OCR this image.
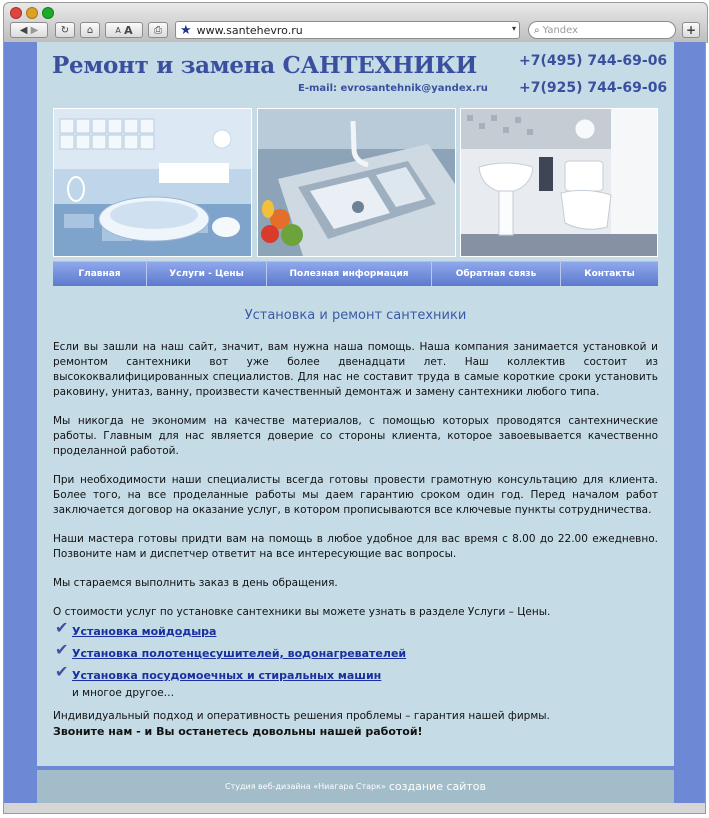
◀
▶ ↻ ⌂	A
A ⎙ ★ www.santehevro.ru	▾ ⌕ Yandex	+
Ремонт и замена САНТЕХНИКИ
E-mail: evrosantehnik@yandex.ru
+7(495) 744-69-06
+7(925) 744-69-06
Главная	Услуги - Цены	Полезная информация	Обратная связь	Контакты
Установка и ремонт сантехники

Если вы зашли на наш сайт, значит, вам нужна наша помощь. Наша компания занимается установкой и ремонтом сантехники вот уже более двенадцати лет. Наш коллектив состоит из высококвалифицированных специалистов. Для нас не составит труда в самые короткие сроки установить раковину, унитаз, ванну, произвести качественный демонтаж и замену сантехники любого типа.

Мы никогда не экономим на качестве материалов, с помощью которых проводятся сантехнические работы. Главным для нас является доверие со стороны клиента, которое завоевывается качественно проделанной работой.

При необходимости наши специалисты всегда готовы провести грамотную консультацию для клиента. Более того, на все проделанные работы мы даем гарантию сроком один год. Перед началом работ заключается договор на оказание услуг, в котором прописываются все ключевые пункты сотрудничества.

Наши мастера готовы придти вам на помощь в любое удобное для вас время с 8.00 до 22.00 ежедневно. Позвоните нам и диспетчер ответит на все интересующие вас вопросы.

Мы стараемся выполнить заказ в день обращения.

О стоимости услуг по установке сантехники вы можете узнать в разделе Услуги – Цены.

✔ Установка мойдодыра
✔ Установка полотенцесушителей, водонагревателей
✔ Установка посудомоечных и стиральных машин
и многое другое…

Индивидуальный подход и оперативность решения проблемы – гарантия нашей фирмы.

Звоните нам - и Вы останетесь довольны нашей работой!

Студия веб-дизайна «Ниагара Старк» создание сайтов
